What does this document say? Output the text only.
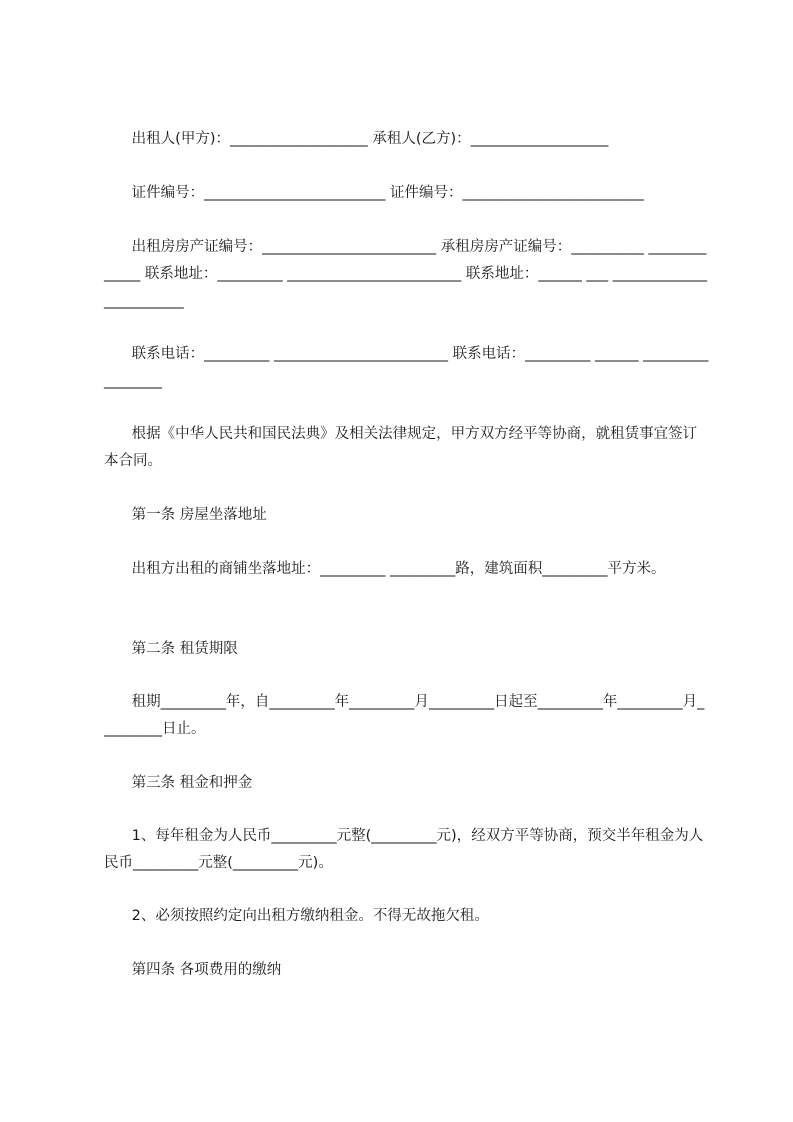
出租人(甲方)：___________________ 承租人(乙方)：___________________

证件编号：_________________________ 证件编号：_________________________

出租房房产证编号：________________________ 承租房房产证编号：__________ _____________ 联系地址：_________ ________________________ 联系地址：______ ___ ________________________

联系电话：_________ ________________________ 联系电话：_________ ______ _________________

根据《中华人民共和国民法典》及相关法律规定，甲方双方经平等协商，就租赁事宜签订本合同。

第一条 房屋坐落地址

出租方出租的商铺坐落地址：_________ _________路，建筑面积_________平方米。

第二条 租赁期限

租期_________年，自_________年_________月_________日起至_________年_________月_________日止。

第三条 租金和押金

1、每年租金为人民币_________元整(_________元)，经双方平等协商，预交半年租金为人民币_________元整(_________元)。

2、必须按照约定向出租方缴纳租金。不得无故拖欠租。

第四条 各项费用的缴纳
